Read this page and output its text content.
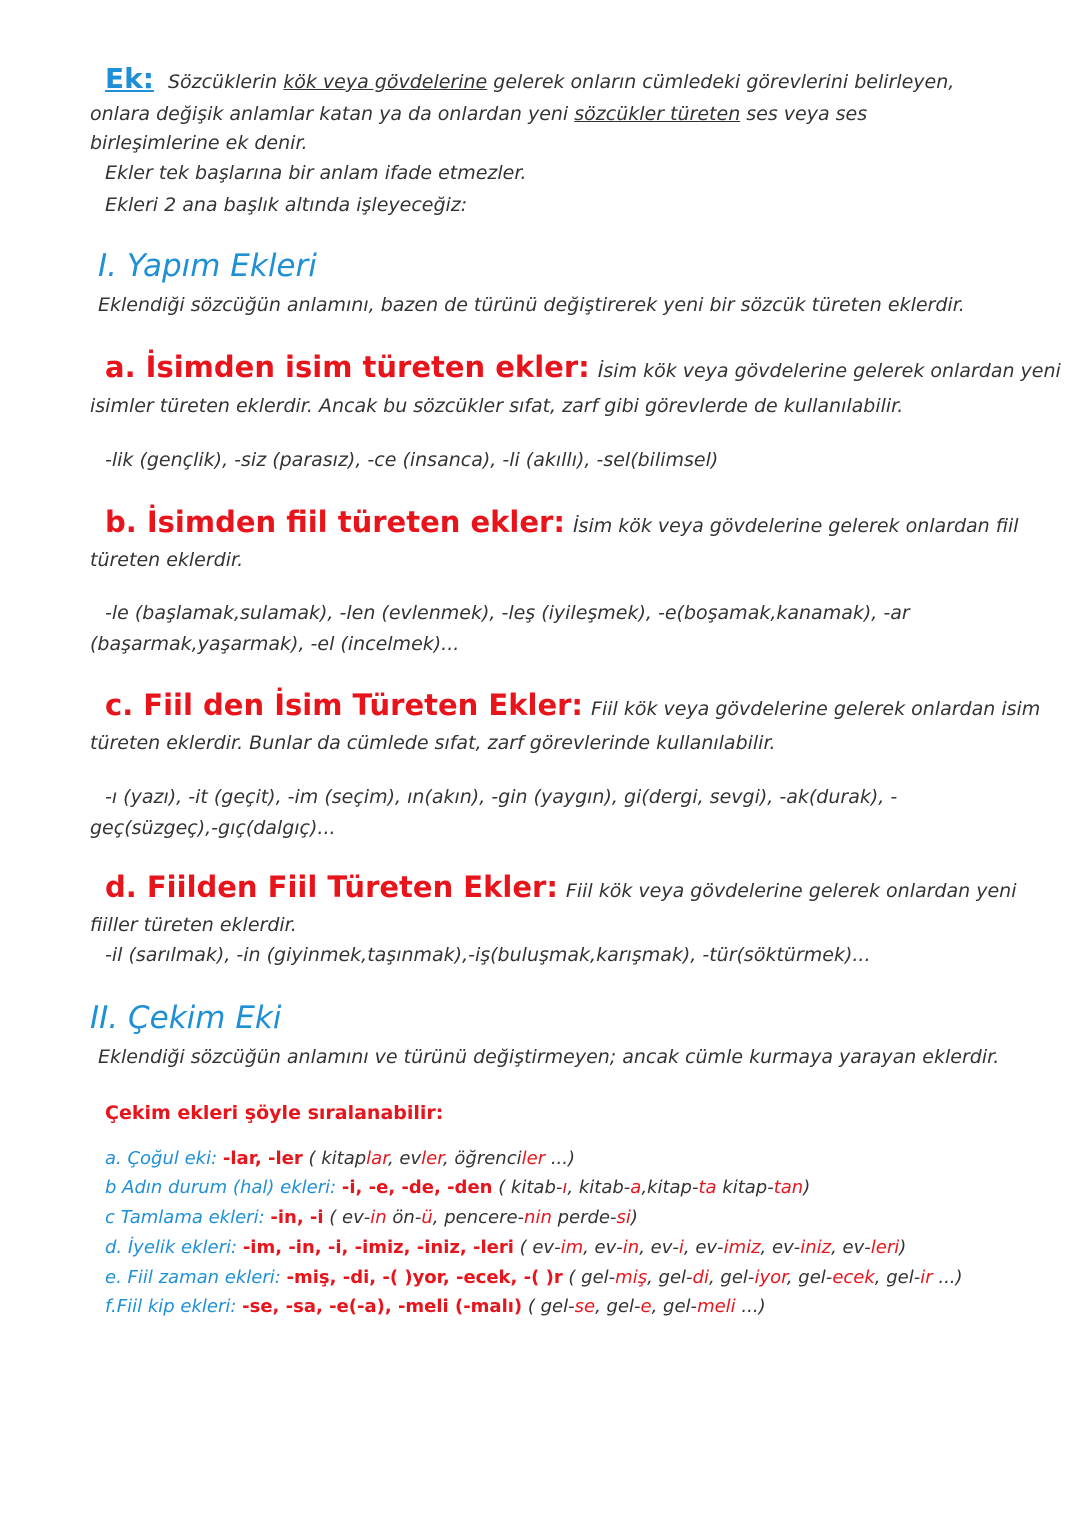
Ek: Sözcüklerin kök veya gövdelerine gelerek onların cümledeki görevlerini belirleyen,
onlara değişik anlamlar katan ya da onlardan yeni sözcükler türeten ses veya ses
birleşimlerine ek denir.
Ekler tek başlarına bir anlam ifade etmezler.
Ekleri 2 ana başlık altında işleyeceğiz:
I. Yapım Ekleri
Eklendiği sözcüğün anlamını, bazen de türünü değiştirerek yeni bir sözcük türeten eklerdir.
a. İsimden isim türeten ekler: İsim kök veya gövdelerine gelerek onlardan yeni
isimler türeten eklerdir. Ancak bu sözcükler sıfat, zarf gibi görevlerde de kullanılabilir.
-lik (gençlik), -siz (parasız), -ce (insanca), -li (akıllı), -sel(bilimsel)
b. İsimden fiil türeten ekler: İsim kök veya gövdelerine gelerek onlardan fiil
türeten eklerdir.
-le (başlamak,sulamak), -len (evlenmek), -leş (iyileşmek), -e(boşamak,kanamak), -ar
(başarmak,yaşarmak), -el (incelmek)...
c. Fiil den İsim Türeten Ekler: Fiil kök veya gövdelerine gelerek onlardan isim
türeten eklerdir. Bunlar da cümlede sıfat, zarf görevlerinde kullanılabilir.
-ı (yazı), -it (geçit), -im (seçim), ın(akın), -gin (yaygın), gi(dergi, sevgi), -ak(durak), -
geç(süzgeç),-gıç(dalgıç)...
d. Fiilden Fiil Türeten Ekler: Fiil kök veya gövdelerine gelerek onlardan yeni
fiiller türeten eklerdir.
-il (sarılmak), -in (giyinmek,taşınmak),-iş(buluşmak,karışmak), -tür(söktürmek)...
II. Çekim Eki
Eklendiği sözcüğün anlamını ve türünü değiştirmeyen; ancak cümle kurmaya yarayan eklerdir.
Çekim ekleri şöyle sıralanabilir:
a. Çoğul eki: -lar, -ler ( kitaplar, evler, öğrenciler ...)
b Adın durum (hal) ekleri: -i, -e, -de, -den ( kitab-ı, kitab-a,kitap-ta kitap-tan)
c Tamlama ekleri: -in, -i ( ev-in ön-ü, pencere-nin perde-si)
d. İyelik ekleri: -im, -in, -i, -imiz, -iniz, -leri ( ev-im, ev-in, ev-i, ev-imiz, ev-iniz, ev-leri)
e. Fiil zaman ekleri: -miş, -di, -( )yor, -ecek, -( )r ( gel-miş, gel-di, gel-iyor, gel-ecek, gel-ir ...)
f.Fiil kip ekleri: -se, -sa, -e(-a), -meli (-malı) ( gel-se, gel-e, gel-meli ...)
